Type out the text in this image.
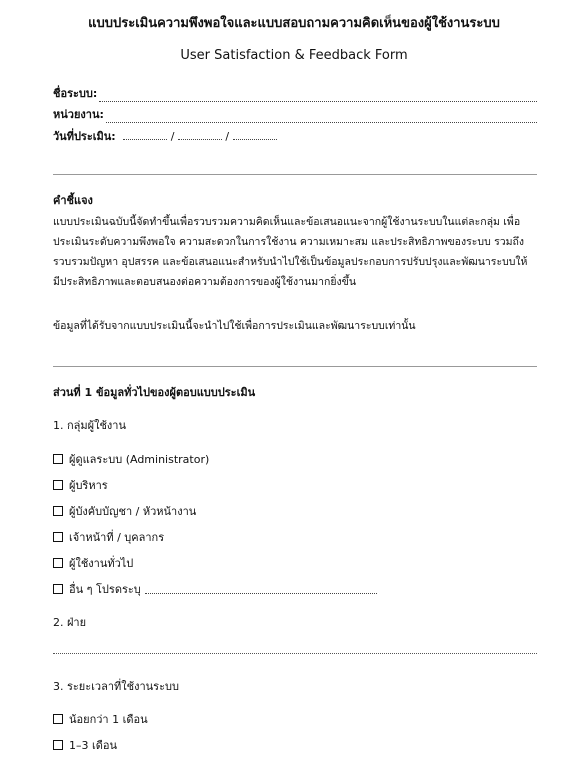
แบบประเมินความพึงพอใจและแบบสอบถามความคิดเห็นของผู้ใช้งานระบบ
User Satisfaction & Feedback Form
ชื่อระบบ:
หน่วยงาน:
วันที่ประเมิน:	/	/
คำชี้แจง
แบบประเมินฉบับนี้จัดทำขึ้นเพื่อรวบรวมความคิดเห็นและข้อเสนอแนะจากผู้ใช้งานระบบในแต่ละกลุ่ม เพื่อ
ประเมินระดับความพึงพอใจ ความสะดวกในการใช้งาน ความเหมาะสม และประสิทธิภาพของระบบ รวมถึง
รวบรวมปัญหา อุปสรรค และข้อเสนอแนะสำหรับนำไปใช้เป็นข้อมูลประกอบการปรับปรุงและพัฒนาระบบให้
มีประสิทธิภาพและตอบสนองต่อความต้องการของผู้ใช้งานมากยิ่งขึ้น
ข้อมูลที่ได้รับจากแบบประเมินนี้จะนำไปใช้เพื่อการประเมินและพัฒนาระบบเท่านั้น
ส่วนที่ 1 ข้อมูลทั่วไปของผู้ตอบแบบประเมิน
1. กลุ่มผู้ใช้งาน
ผู้ดูแลระบบ (Administrator)
ผู้บริหาร
ผู้บังคับบัญชา / หัวหน้างาน
เจ้าหน้าที่ / บุคลากร
ผู้ใช้งานทั่วไป
อื่น ๆ โปรดระบุ
2. ฝ่าย
3. ระยะเวลาที่ใช้งานระบบ
น้อยกว่า 1 เดือน
1–3 เดือน
